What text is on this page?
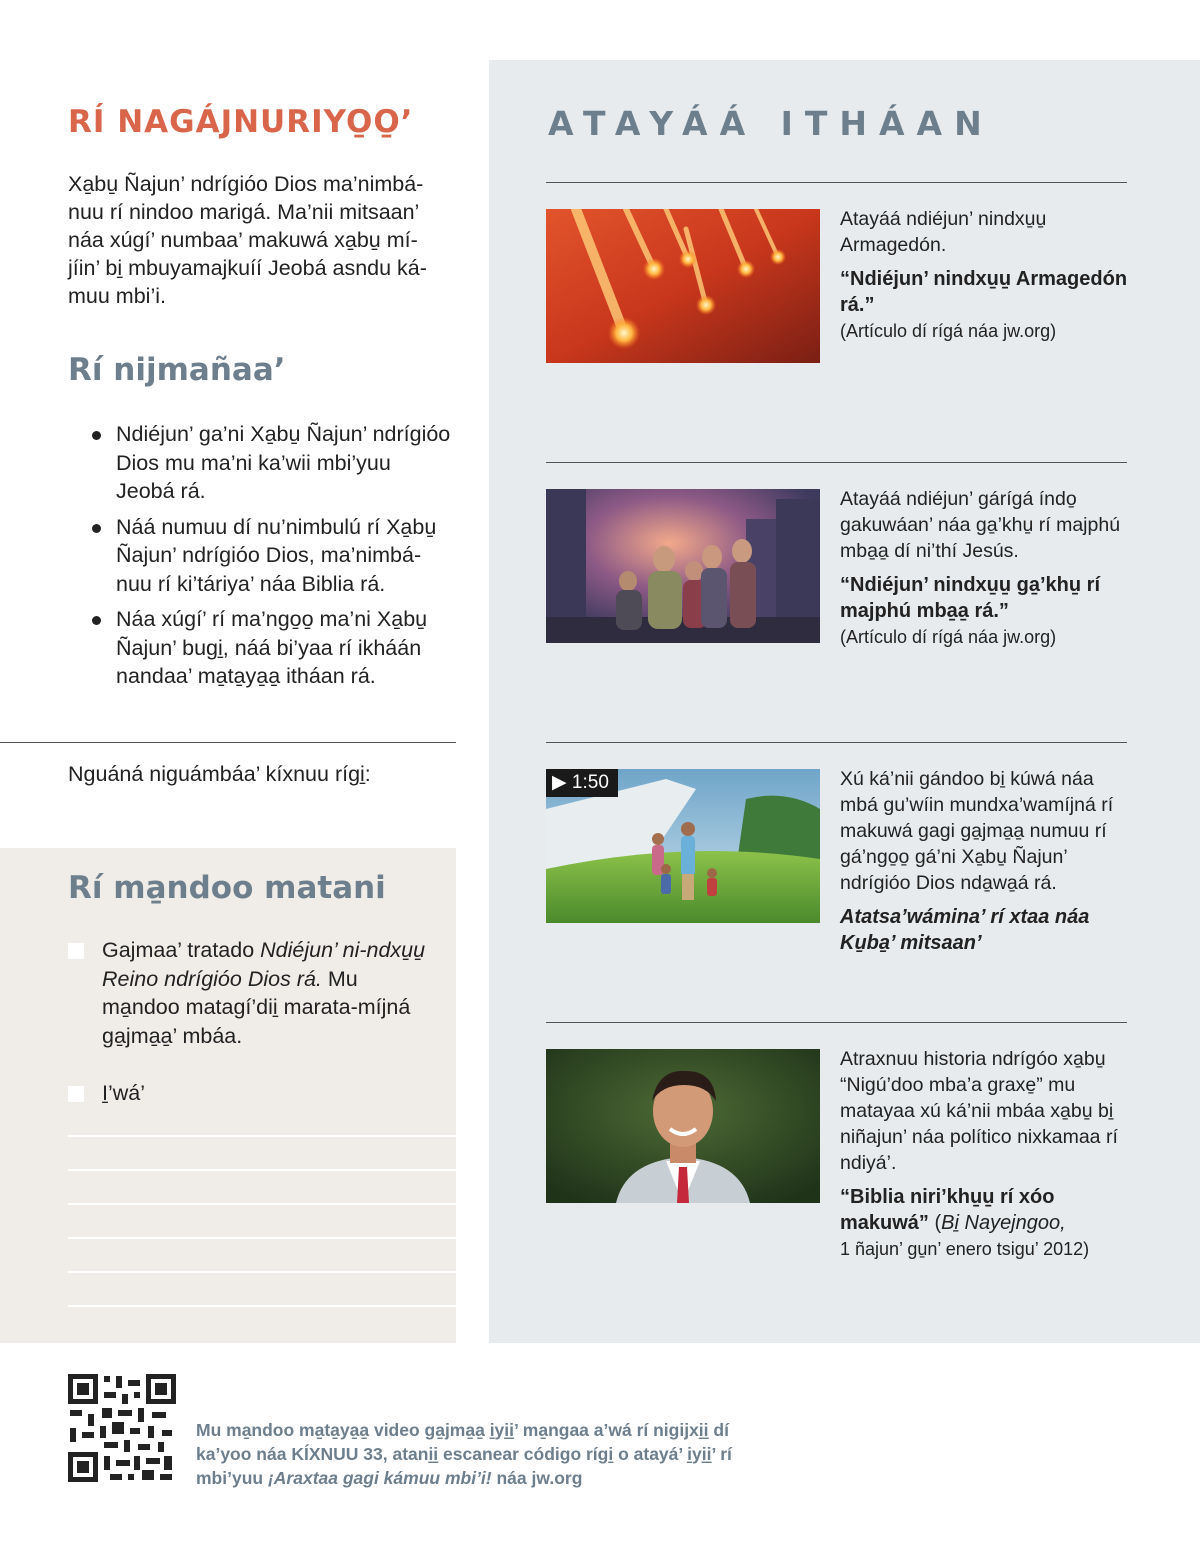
RÍ NAGÁJNURIYO̱O̱’

Xa̱bu̱ Ñajun’ ndrígióo Dios ma’nimbá-nuu rí nindoo marigá. Ma’nii mitsaan’ náa xúgí’ numbaa’ makuwá xa̱bu̱ mí-jíin’ bi̱ mbuyamajkuíí Jeobá asndu ká-muu mbi’i.

Rí nijmañaa’
Ndiéjun’ ga’ni Xa̱bu̱ Ñajun’ ndrígióo Dios mu ma’ni ka’wii mbi’yuu Jeobá rá.
Náá numuu dí nu’nimbulú rí Xa̱bu̱ Ñajun’ ndrígióo Dios, ma’nimbá-nuu rí ki’táriya’ náa Biblia rá.
Náa xúgí’ rí ma’ngo̱o̱ ma’ni Xa̱bu̱ Ñajun’ bugi̱, náá bi’yaa rí ikháán nandaa’ ma̱ta̱ya̱a̱ itháan rá.
Nguáná niguámbáa’ kíxnuu rígi̱:
Rí ma̱ndoo matani
Gajmaa’ tratado Ndiéjun’ ni-ndxu̱u̱ Reino ndrígióo Dios rá. Mu ma̱ndoo matagí’dii̱ marata-míjná ga̱jma̱a̱’ mbáa.
I̱’wá’
ATAYÁÁ ITHÁAN
Atayáá ndiéjun’ nindxu̱u̱ Armagedón.
“Ndiéjun’ nindxu̱u̱ Armagedón rá.”
(Artículo dí rígá náa jw.org)
Atayáá ndiéjun’ gárígá índo̱ gakuwáan’ náa ga̱’khu̱ rí majphú mba̱a̱ dí ni’thí Jesús.
“Ndiéjun’ nindxu̱u̱ ga̱’khu̱ rí majphú mba̱a̱ rá.”
(Artículo dí rígá náa jw.org)
▶ 1:50	Xú ká’nii gándoo bi̱ kúwá náa mbá gu’wíin mundxa’wamíjná rí makuwá gagi ga̱jma̱a̱ numuu rí gá’ngo̱o̱ gá’ni Xa̱bu̱ Ñajun’ ndrígióo Dios nda̱wa̱á rá.
Atatsa’wámina’ rí xtaa náa Ku̱ba̱’ mitsaan’
Atraxnuu historia ndrígóo xa̱bu̱ “Nigú’doo mba’a graxe̱” mu matayaa xú ká’nii mbáa xa̱bu̱ bi̱ niñajun’ náa político nixkamaa rí ndiyá’.
“Biblia niri’khu̱u̱ rí xóo makuwá” (Bi̱ Nayejngoo,
1 ñajun’ gu̱n’ enero tsigu’ 2012)
Mu ma̱ndoo ma̱ta̱ya̱a̱ video ga̱jma̱a̱ i̱yi̱i̱’ ma̱ngaa a’wá rí nigijxi̱i̱ dí ka’yoo náa KÍXNUU 33, atani̱i̱ escanear código rígi̱ o atayá’ i̱yi̱i̱’ rí mbi’yuu ¡Araxtaa gagi kámuu mbi’i! náa jw.org
